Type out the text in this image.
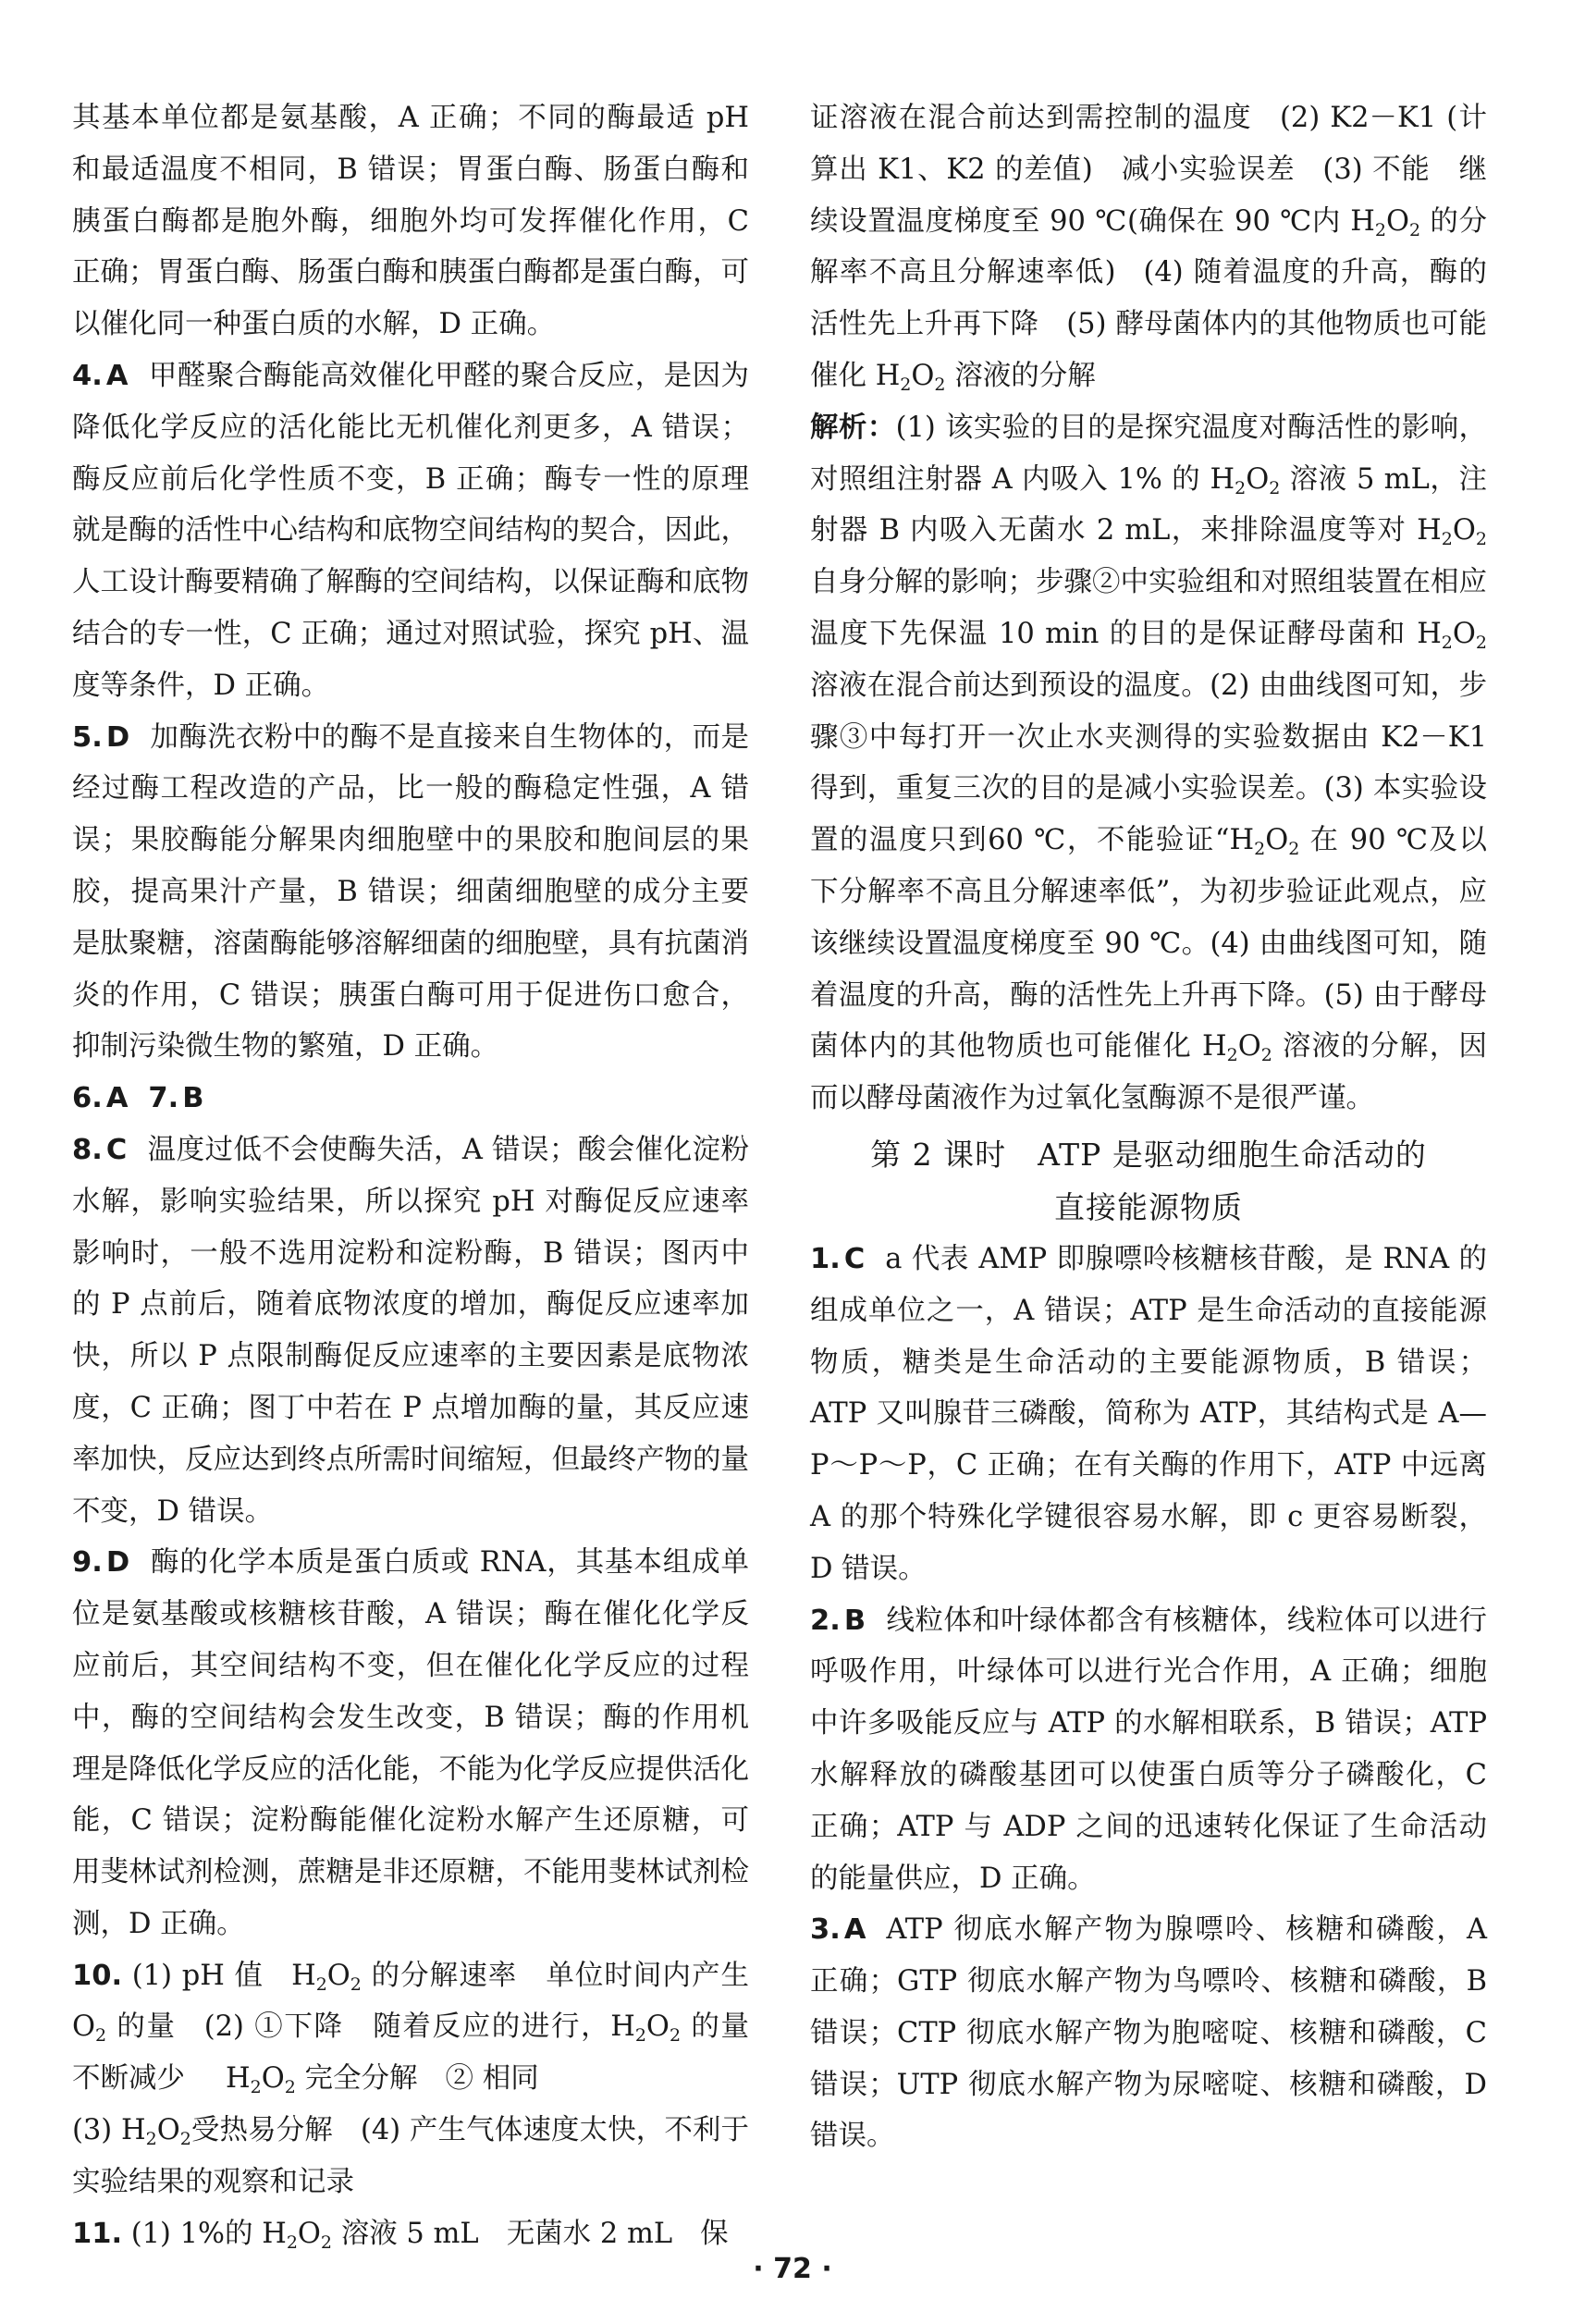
其基本单位都是氨基酸，A 正确；不同的酶最适 pH 和最适温度不相同，B 错误；胃蛋白酶、肠蛋白酶和胰蛋白酶都是胞外酶，细胞外均可发挥催化作用，C 正确；胃蛋白酶、肠蛋白酶和胰蛋白酶都是蛋白酶，可以催化同一种蛋白质的水解，D 正确。

4. A 甲醛聚合酶能高效催化甲醛的聚合反应，是因为降低化学反应的活化能比无机催化剂更多，A 错误；酶反应前后化学性质不变，B 正确；酶专一性的原理就是酶的活性中心结构和底物空间结构的契合，因此，人工设计酶要精确了解酶的空间结构，以保证酶和底物结合的专一性，C 正确；通过对照试验，探究 pH、温度等条件，D 正确。

5. D 加酶洗衣粉中的酶不是直接来自生物体的，而是经过酶工程改造的产品，比一般的酶稳定性强，A 错误；果胶酶能分解果肉细胞壁中的果胶和胞间层的果胶，提高果汁产量，B 错误；细菌细胞壁的成分主要是肽聚糖，溶菌酶能够溶解细菌的细胞壁，具有抗菌消炎的作用，C 错误；胰蛋白酶可用于促进伤口愈合，抑制污染微生物的繁殖，D 正确。

6. A 7. B

8. C 温度过低不会使酶失活，A 错误；酸会催化淀粉水解，影响实验结果，所以探究 pH 对酶促反应速率影响时，一般不选用淀粉和淀粉酶，B 错误；图丙中的 P 点前后，随着底物浓度的增加，酶促反应速率加快，所以 P 点限制酶促反应速率的主要因素是底物浓度，C 正确；图丁中若在 P 点增加酶的量，其反应速率加快，反应达到终点所需时间缩短，但最终产物的量不变，D 错误。

9. D 酶的化学本质是蛋白质或 RNA，其基本组成单位是氨基酸或核糖核苷酸，A 错误；酶在催化化学反应前后，其空间结构不变，但在催化化学反应的过程中，酶的空间结构会发生改变，B 错误；酶的作用机理是降低化学反应的活化能，不能为化学反应提供活化能，C 错误；淀粉酶能催化淀粉水解产生还原糖，可用斐林试剂检测，蔗糖是非还原糖，不能用斐林试剂检测，D 正确。

10. (1) pH 值 $H_2O_2$ 的分解速率 单位时间内产生 $O_2$ 的量 (2) ①下降 随着反应的进行，$H_2O_2$ 的量不断减少 $H_2O_2$ 完全分解 ② 相同
(3) $H_2O_2$受热易分解 (4) 产生气体速度太快，不利于实验结果的观察和记录

11. (1) 1%的 $H_2O_2$ 溶液 5 mL 无菌水 2 mL 保

证溶液在混合前达到需控制的温度 (2) K2－K1 (计算出 K1、K2 的差值) 减小实验误差 (3) 不能 继续设置温度梯度至 90 ℃(确保在 90 ℃内 $H_2O_2$ 的分解率不高且分解速率低) (4) 随着温度的升高，酶的活性先上升再下降 (5) 酵母菌体内的其他物质也可能催化 $H_2O_2$ 溶液的分解

解析：(1) 该实验的目的是探究温度对酶活性的影响，对照组注射器 A 内吸入 1% 的 $H_2O_2$ 溶液 5 mL，注射器 B 内吸入无菌水 2 mL，来排除温度等对 $H_2O_2$ 自身分解的影响；步骤②中实验组和对照组装置在相应温度下先保温 10 min 的目的是保证酵母菌和 $H_2O_2$ 溶液在混合前达到预设的温度。(2) 由曲线图可知，步骤③中每打开一次止水夹测得的实验数据由 K2－K1 得到，重复三次的目的是减小实验误差。(3) 本实验设置的温度只到60 ℃，不能验证“$H_2O_2$ 在 90 ℃及以下分解率不高且分解速率低”，为初步验证此观点，应该继续设置温度梯度至 90 ℃。(4) 由曲线图可知，随着温度的升高，酶的活性先上升再下降。(5) 由于酵母菌体内的其他物质也可能催化 $H_2O_2$ 溶液的分解，因而以酵母菌液作为过氧化氢酶源不是很严谨。

第 2 课时　ATP 是驱动细胞生命活动的
直接能源物质

1. C a 代表 AMP 即腺嘌呤核糖核苷酸，是 RNA 的组成单位之一，A 错误；ATP 是生命活动的直接能源物质，糖类是生命活动的主要能源物质，B 错误；ATP 又叫腺苷三磷酸，简称为 ATP，其结构式是 A—P～P～P，C 正确；在有关酶的作用下，ATP 中远离 A 的那个特殊化学键很容易水解，即 c 更容易断裂，D 错误。

2. B 线粒体和叶绿体都含有核糖体，线粒体可以进行呼吸作用，叶绿体可以进行光合作用，A 正确；细胞中许多吸能反应与 ATP 的水解相联系，B 错误；ATP 水解释放的磷酸基团可以使蛋白质等分子磷酸化，C 正确；ATP 与 ADP 之间的迅速转化保证了生命活动的能量供应，D 正确。

3. A ATP 彻底水解产物为腺嘌呤、核糖和磷酸，A 正确；GTP 彻底水解产物为鸟嘌呤、核糖和磷酸，B 错误；CTP 彻底水解产物为胞嘧啶、核糖和磷酸，C 错误；UTP 彻底水解产物为尿嘧啶、核糖和磷酸，D 错误。

· 72 ·
